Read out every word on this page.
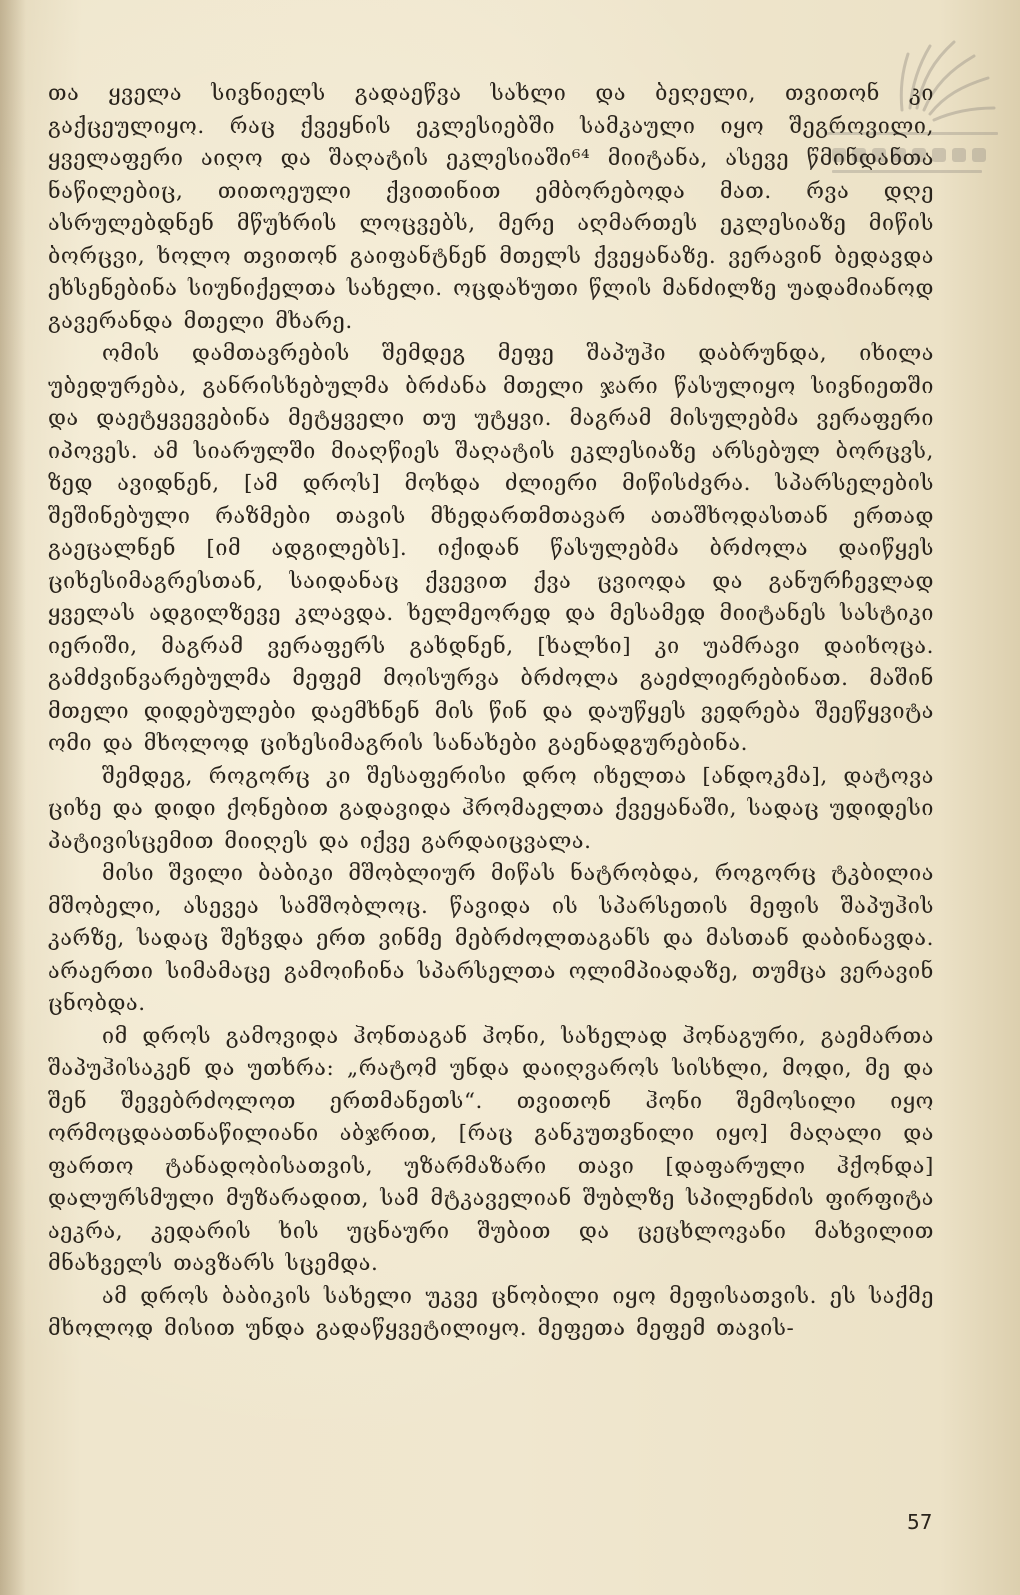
თა ყველა სივნიელს გადაეწვა სახლი და ბეღელი, თვითონ კი გაქცეულიყო. რაც ქვეყნის ეკლესიებში სამკაული იყო შეგროვილი, ყველაფერი აიღო და შაღატის ეკლესიაში⁶⁴ მიიტანა, ასევე წმინდანთა ნაწილებიც, თითოეული ქვითინით ემბორებოდა მათ. რვა დღე ასრულებდნენ მწუხრის ლოცვებს, მერე აღმართეს ეკლესიაზე მიწის ბორცვი, ხოლო თვითონ გაიფანტნენ მთელს ქვეყანაზე. ვერავინ ბედავდა ეხსენებინა სიუნიქელთა სახელი. ოცდახუთი წლის მანძილზე უადამიანოდ გავერანდა მთელი მხარე.

ომის დამთავრების შემდეგ მეფე შაპუჰი დაბრუნდა, იხილა უბედურება, განრისხებულმა ბრძანა მთელი ჯარი წასულიყო სივნიეთში და დაეტყვევებინა მეტყველი თუ უტყვი. მაგრამ მისულებმა ვერაფერი იპოვეს. ამ სიარულში მიაღწიეს შაღატის ეკლესიაზე არსებულ ბორცვს, ზედ ავიდნენ, [ამ დროს] მოხდა ძლიერი მიწისძვრა. სპარსელების შეშინებული რაზმები თავის მხედართმთავარ ათაშხოდასთან ერთად გაეცალნენ [იმ ადგილებს]. იქიდან წასულებმა ბრძოლა დაიწყეს ციხესიმაგრესთან, საიდანაც ქვევით ქვა ცვიოდა და განურჩევლად ყველას ადგილზევე კლავდა. ხელმეორედ და მესამედ მიიტანეს სასტიკი იერიში, მაგრამ ვერაფერს გახდნენ, [ხალხი] კი უამრავი დაიხოცა. გამძვინვარებულმა მეფემ მოისურვა ბრძოლა გაეძლიერებინათ. მაშინ მთელი დიდებულები დაემხნენ მის წინ და დაუწყეს ვედრება შეეწყვიტა ომი და მხოლოდ ციხესიმაგრის სანახები გაენადგურებინა.

შემდეგ, როგორც კი შესაფერისი დრო იხელთა [ანდოკმა], დატოვა ციხე და დიდი ქონებით გადავიდა ჰრომაელთა ქვეყანაში, სადაც უდიდესი პატივისცემით მიიღეს და იქვე გარდაიცვალა.

მისი შვილი ბაბიკი მშობლიურ მიწას ნატრობდა, როგორც ტკბილია მშობელი, ასევეა სამშობლოც. წავიდა ის სპარსეთის მეფის შაპუჰის კარზე, სადაც შეხვდა ერთ ვინმე მებრძოლთაგანს და მასთან დაბინავდა. არაერთი სიმამაცე გამოიჩინა სპარსელთა ოლიმპიადაზე, თუმცა ვერავინ ცნობდა.

იმ დროს გამოვიდა ჰონთაგან ჰონი, სახელად ჰონაგური, გაემართა შაპუჰისაკენ და უთხრა: „რატომ უნდა დაიღვაროს სისხლი, მოდი, მე და შენ შევებრძოლოთ ერთმანეთს“. თვითონ ჰონი შემოსილი იყო ორმოცდაათნაწილიანი აბჯრით, [რაც განკუთვნილი იყო] მაღალი და ფართო ტანადობისათვის, უზარმაზარი თავი [დაფარული ჰქონდა] დალურსმული მუზარადით, სამ მტკაველიან შუბლზე სპილენძის ფირფიტა აეკრა, კედარის ხის უცნაური შუბით და ცეცხლოვანი მახვილით მნახველს თავზარს სცემდა.

ამ დროს ბაბიკის სახელი უკვე ცნობილი იყო მეფისათვის. ეს საქმე მხოლოდ მისით უნდა გადაწყვეტილიყო. მეფეთა მეფემ თავის-

57
